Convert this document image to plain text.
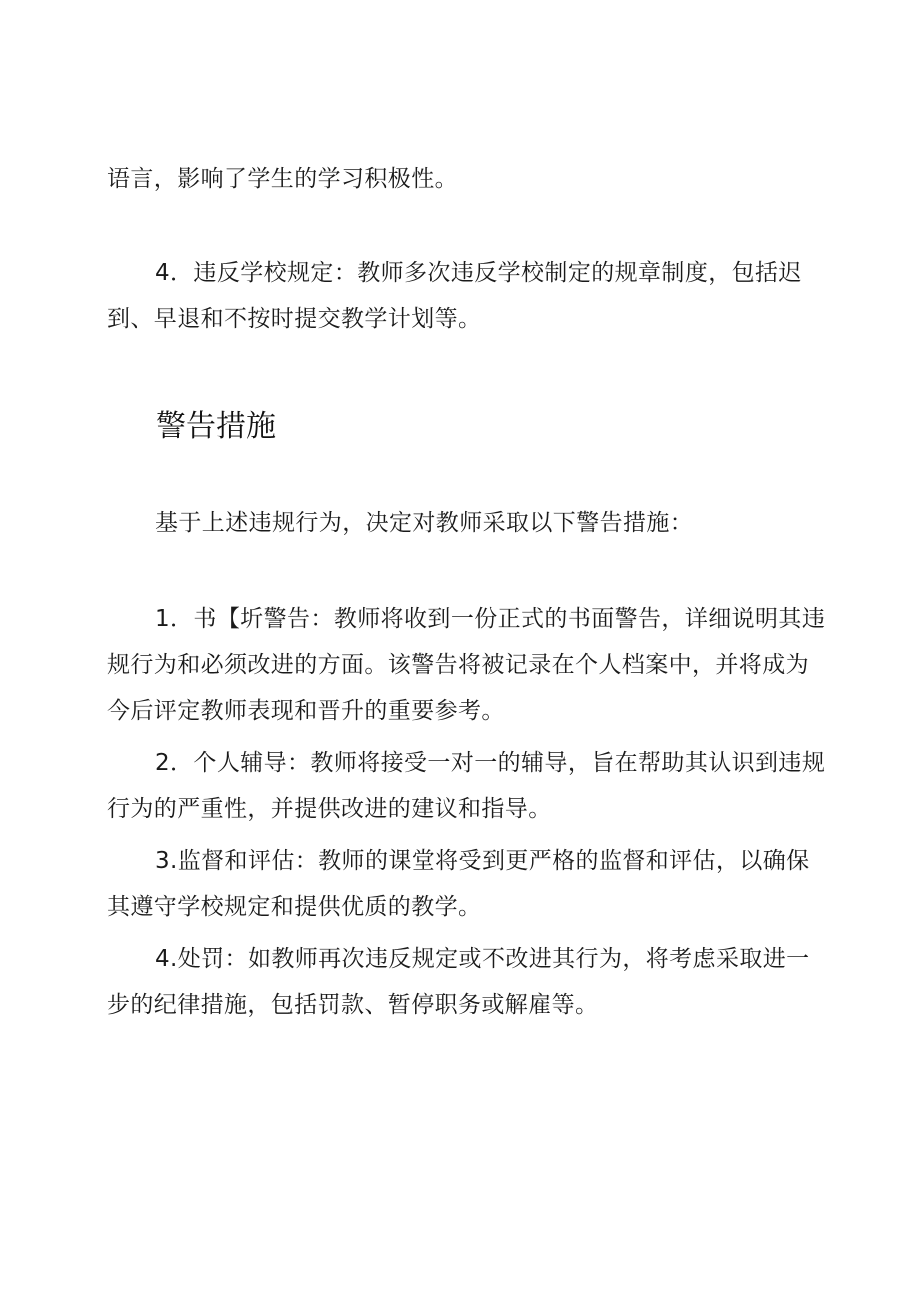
语言，影响了学生的学习积极性。

4．违反学校规定：教师多次违反学校制定的规章制度，包括迟到、早退和不按时提交教学计划等。

警告措施

基于上述违规行为，决定对教师采取以下警告措施：

1．书【圻警告：教师将收到一份正式的书面警告，详细说明其违规行为和必须改进的方面。该警告将被记录在个人档案中，并将成为今后评定教师表现和晋升的重要参考。

2．个人辅导：教师将接受一对一的辅导，旨在帮助其认识到违规行为的严重性，并提供改进的建议和指导。

3.监督和评估：教师的课堂将受到更严格的监督和评估，以确保其遵守学校规定和提供优质的教学。

4.处罚：如教师再次违反规定或不改进其行为，将考虑采取进一步的纪律措施，包括罚款、暂停职务或解雇等。
